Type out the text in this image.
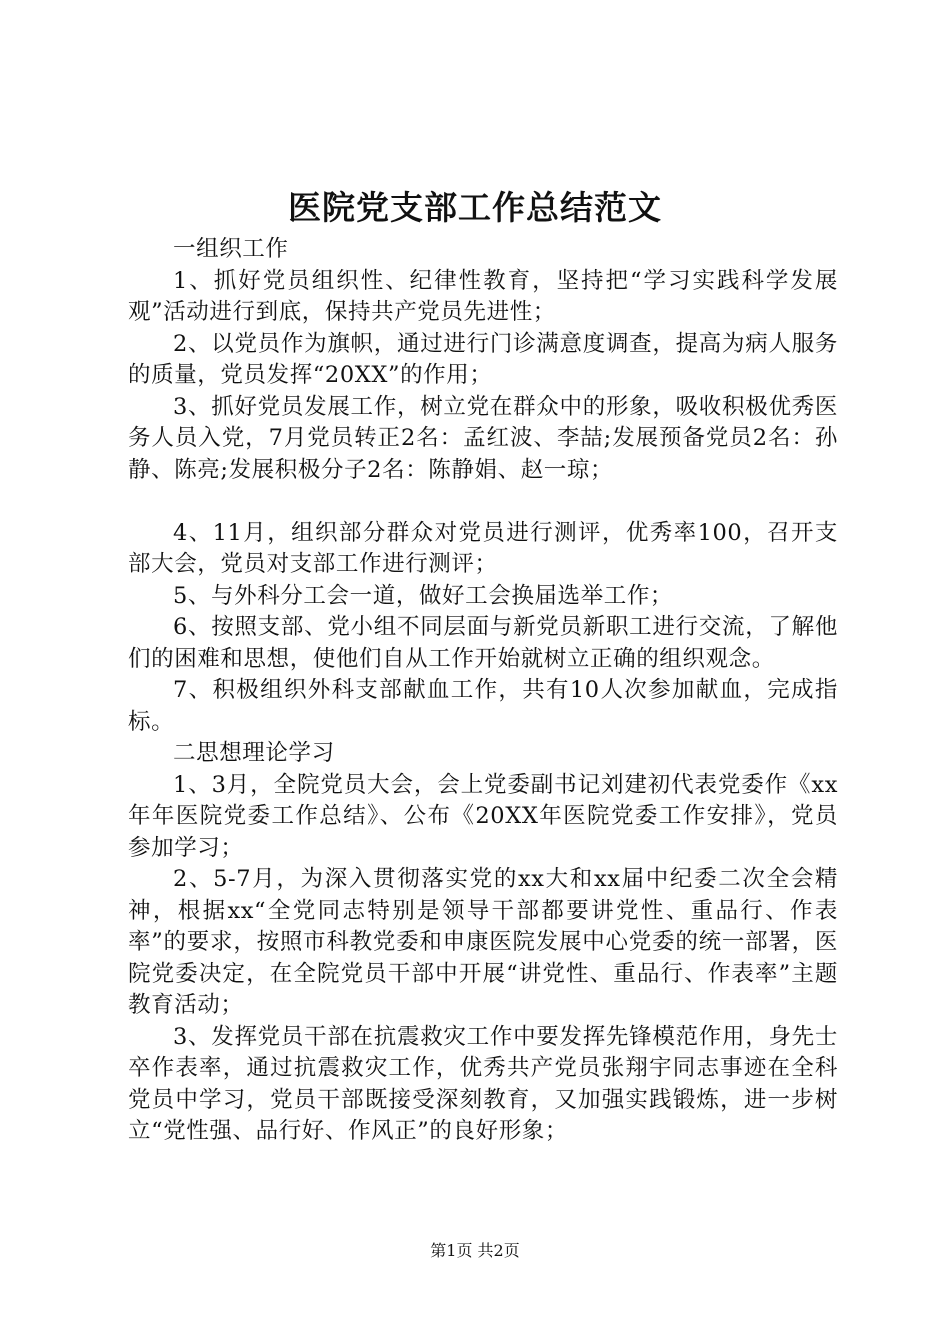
医院党支部工作总结范文

一组织工作

1、抓好党员组织性、纪律性教育，坚持把“学习实践科学发展观”活动进行到底，保持共产党员先进性；

2、以党员作为旗帜，通过进行门诊满意度调查，提高为病人服务的质量，党员发挥“20XX”的作用；

3、抓好党员发展工作，树立党在群众中的形象，吸收积极优秀医务人员入党，7月党员转正2名：孟红波、李喆;发展预备党员2名：孙静、陈亮;发展积极分子2名：陈静娟、赵一琼；

4、11月，组织部分群众对党员进行测评，优秀率100，召开支部大会，党员对支部工作进行测评；

5、与外科分工会一道，做好工会换届选举工作；

6、按照支部、党小组不同层面与新党员新职工进行交流，了解他们的困难和思想，使他们自从工作开始就树立正确的组织观念。

7、积极组织外科支部献血工作，共有10人次参加献血，完成指标。

二思想理论学习

1、3月，全院党员大会，会上党委副书记刘建初代表党委作《xx年年医院党委工作总结》、公布《20XX年医院党委工作安排》，党员参加学习；

2、5-7月，为深入贯彻落实党的xx大和xx届中纪委二次全会精神，根据xx“全党同志特别是领导干部都要讲党性、重品行、作表率”的要求，按照市科教党委和申康医院发展中心党委的统一部署，医院党委决定，在全院党员干部中开展“讲党性、重品行、作表率”主题教育活动；

3、发挥党员干部在抗震救灾工作中要发挥先锋模范作用，身先士卒作表率，通过抗震救灾工作，优秀共产党员张翔宇同志事迹在全科党员中学习，党员干部既接受深刻教育，又加强实践锻炼，进一步树立“党性强、品行好、作风正”的良好形象；

第1页 共2页
